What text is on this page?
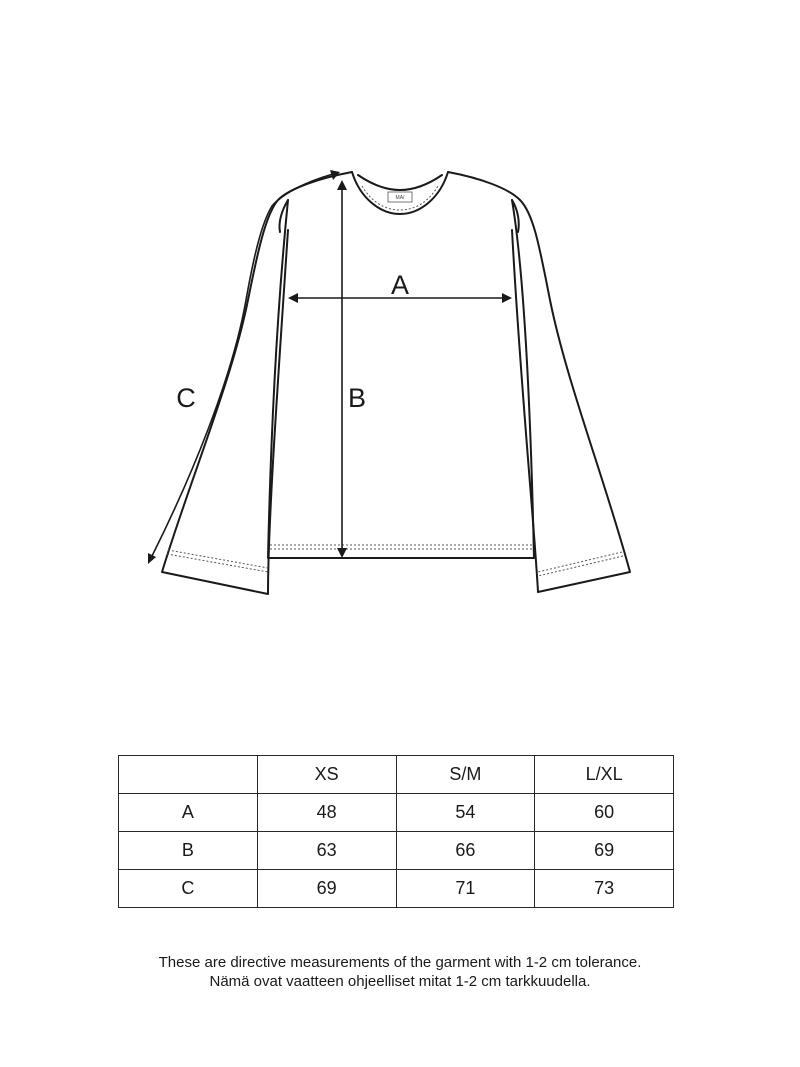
MA/
A
B
C
	XS	S/M	L/XL
A	48	54	60
B	63	66	69
C	69	71	73
These are directive measurements of the garment with 1-2 cm tolerance.
Nämä ovat vaatteen ohjeelliset mitat 1-2 cm tarkkuudella.
